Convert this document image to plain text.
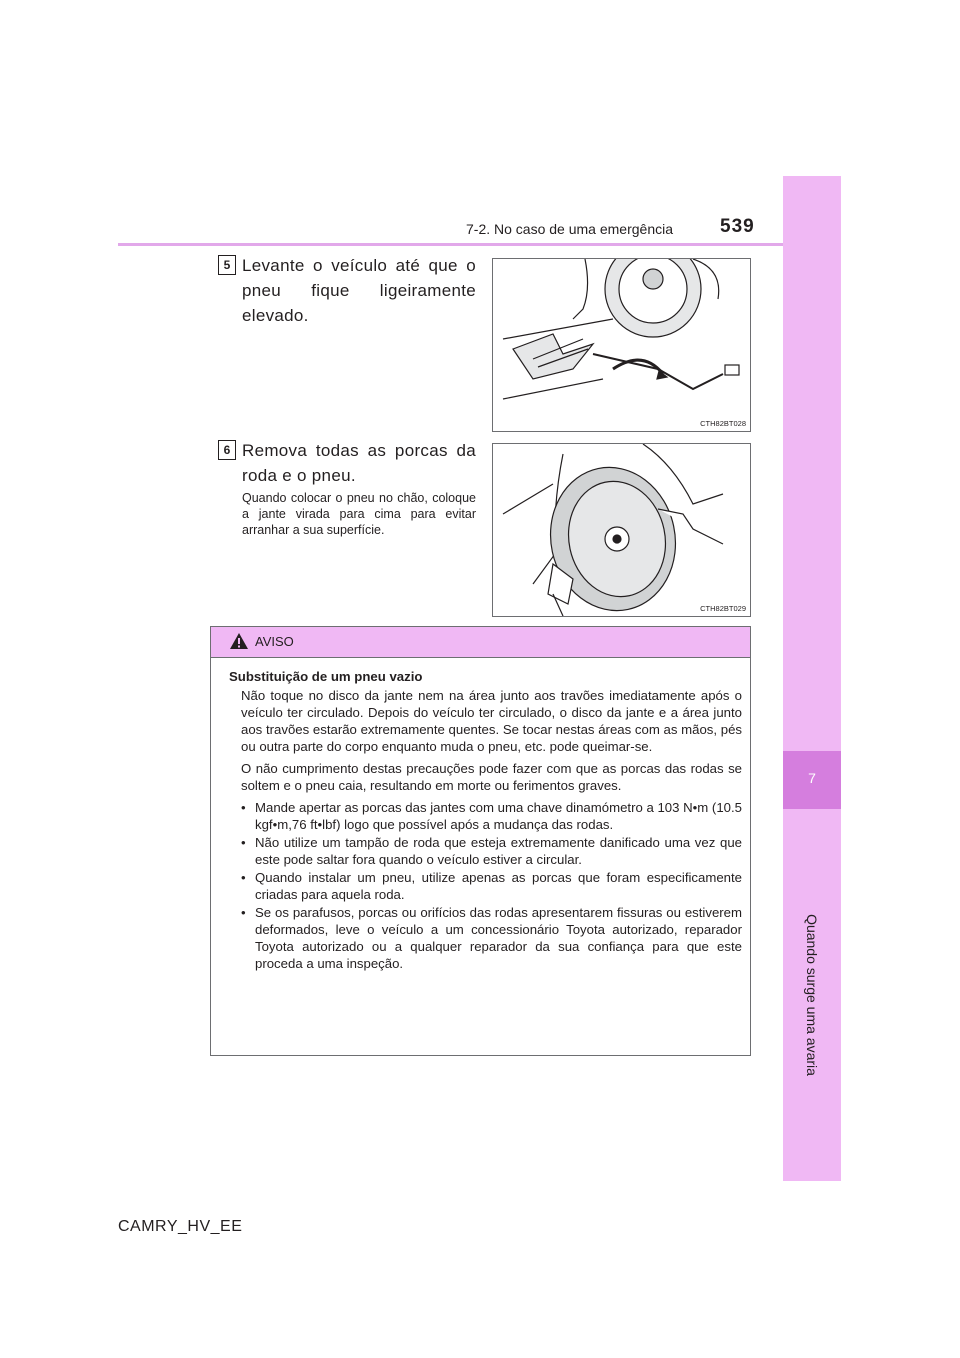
7
Quando surge uma avaria
7-2. No caso de uma emergência 539
5 Levante o veículo até que o pneu fique ligeiramente elevado.
CTH82BT028
6 Remova todas as porcas da roda e o pneu.
Quando colocar o pneu no chão, coloque a jante virada para cima para evitar arranhar a sua superfície.
CTH82BT029
AVISO
Substituição de um pneu vazio

Não toque no disco da jante nem na área junto aos travões imediatamente após o veículo ter circulado. Depois do veículo ter circulado, o disco da jante e a área junto aos travões estarão extremamente quentes. Se tocar nestas áreas com as mãos, pés ou outra parte do corpo enquanto muda o pneu, etc. pode queimar-se.

O não cumprimento destas precauções pode fazer com que as porcas das rodas se soltem e o pneu caia, resultando em morte ou ferimentos graves.

• Mande apertar as porcas das jantes com uma chave dinamómetro a 103 N•m (10.5 kgf•m,76 ft•lbf) logo que possível após a mudança das rodas.
• Não utilize um tampão de roda que esteja extremamente danificado uma vez que este pode saltar fora quando o veículo estiver a circular.
• Quando instalar um pneu, utilize apenas as porcas que foram especificamente criadas para aquela roda.
• Se os parafusos, porcas ou orifícios das rodas apresentarem fissuras ou estiverem deformados, leve o veículo a um concessionário Toyota autorizado, reparador Toyota autorizado ou a qualquer reparador da sua confiança para que este proceda a uma inspeção.
CAMRY_HV_EE
